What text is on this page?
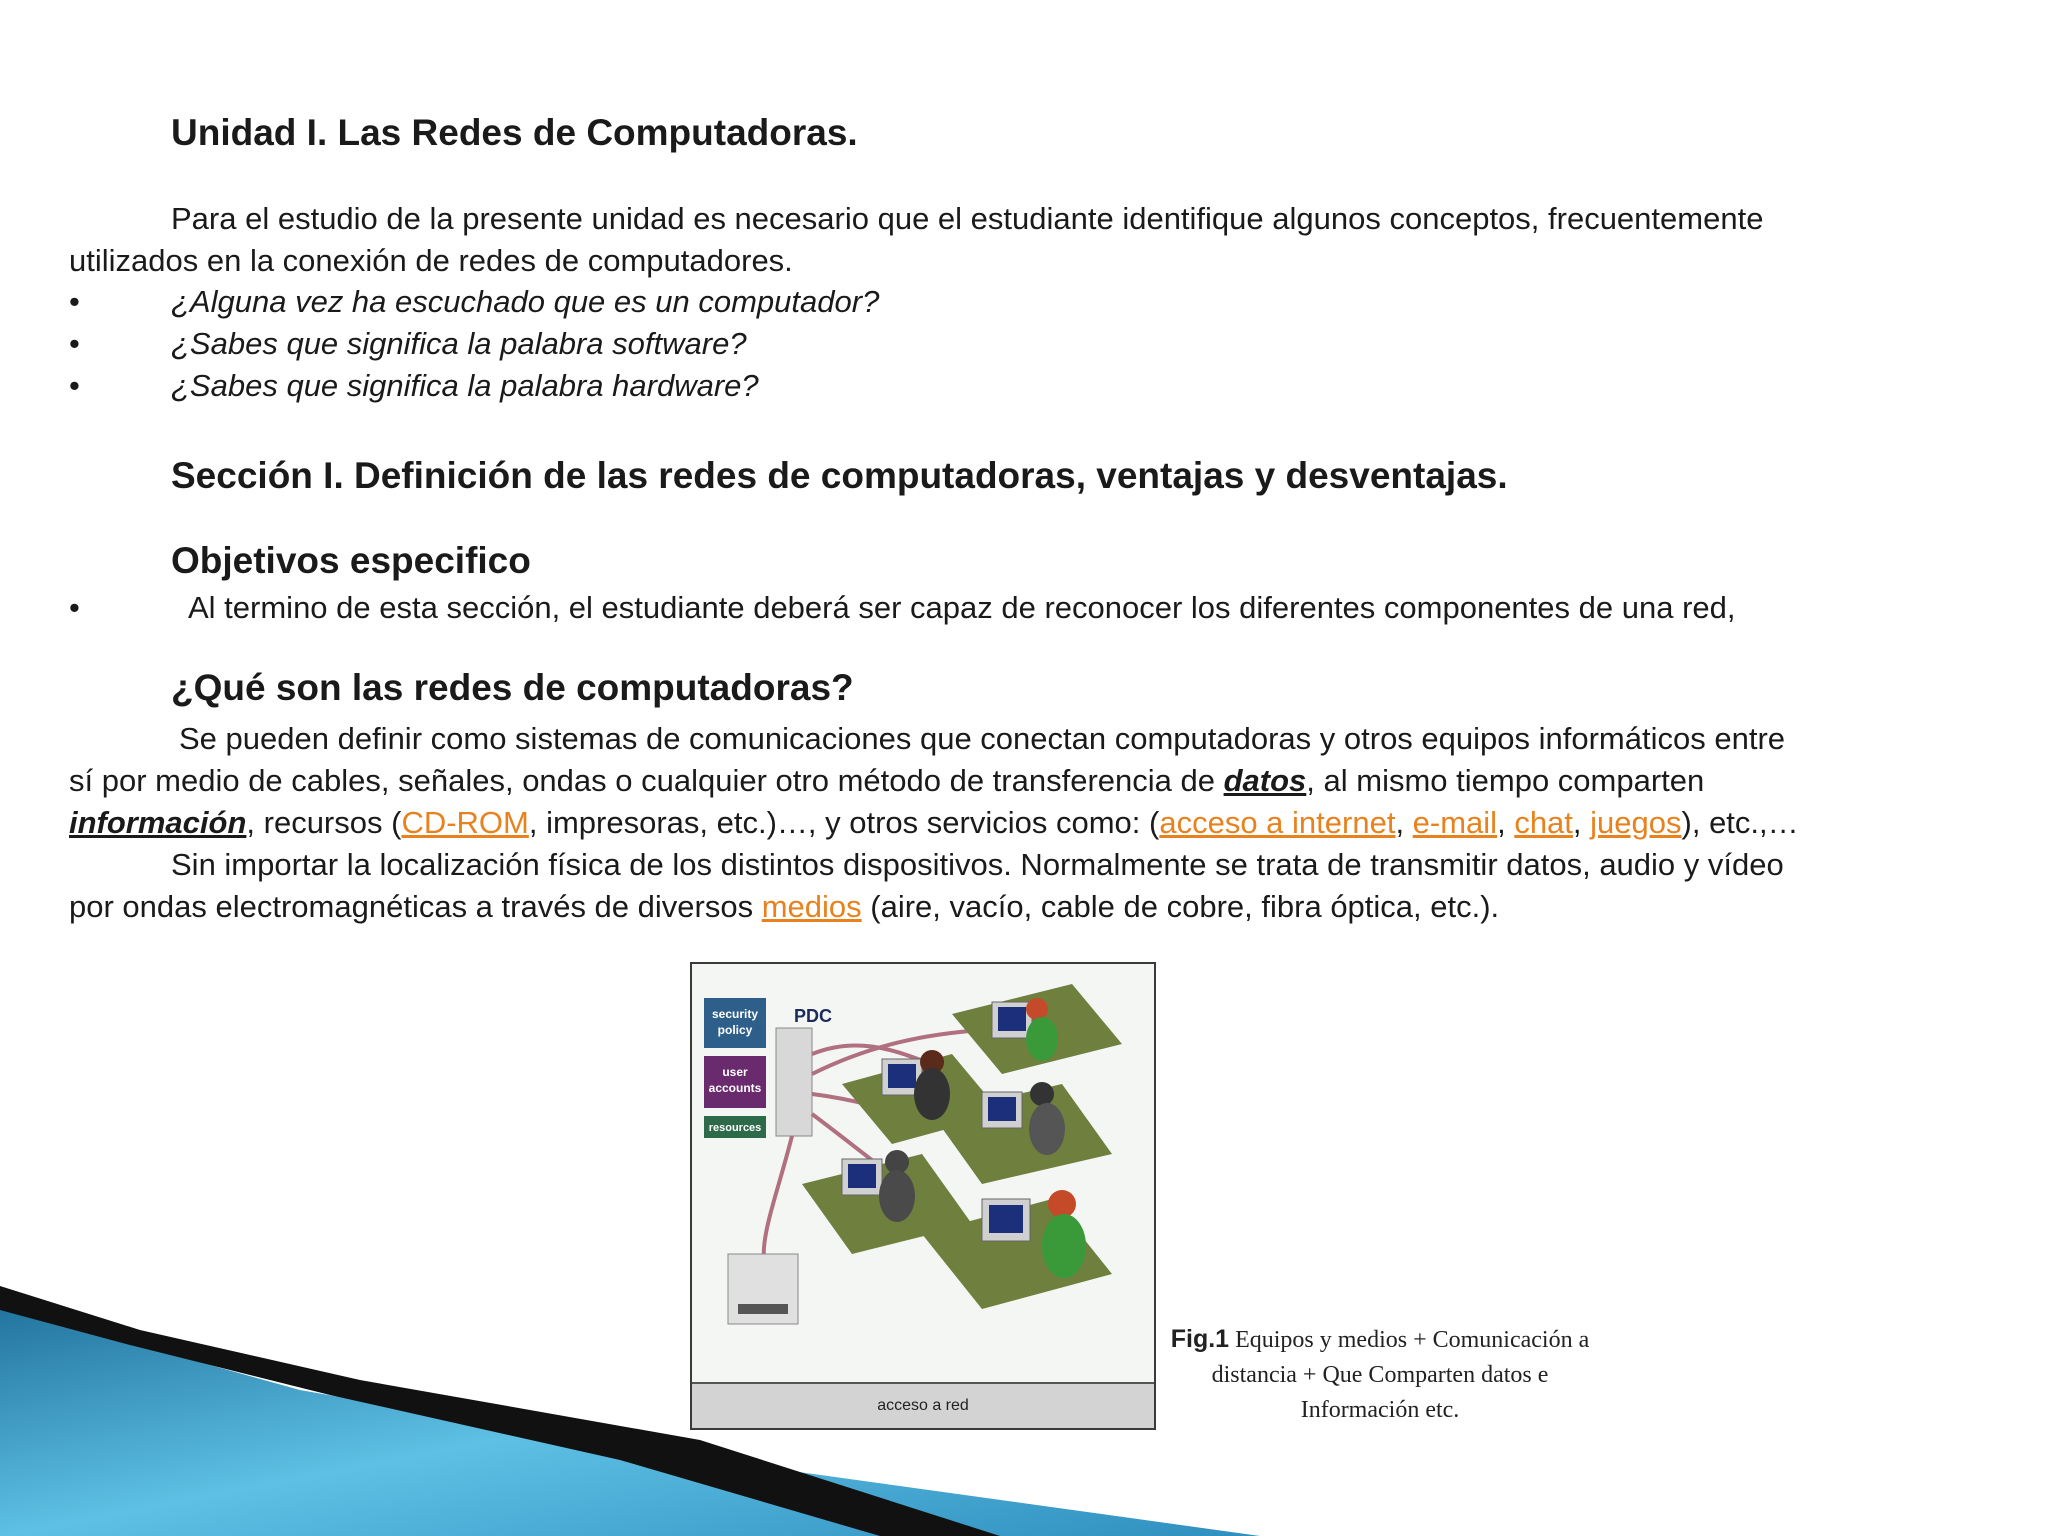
Unidad I. Las Redes de Computadoras.
Para el estudio de la presente unidad es necesario que el estudiante identifique algunos conceptos, frecuentemente
utilizados en la conexión de redes de computadores.
•	¿Alguna vez ha escuchado que es un computador?
•	¿Sabes que significa la palabra software?
•	¿Sabes que significa la palabra hardware?
Sección I. Definición de las redes de computadoras, ventajas y desventajas.
Objetivos especifico
•	Al termino de esta sección, el estudiante deberá ser capaz de reconocer los diferentes componentes de una red,
¿Qué son las redes de computadoras?
Se pueden definir como sistemas de comunicaciones que conectan computadoras y otros equipos informáticos entre
sí por medio de cables, señales, ondas o cualquier otro método de transferencia de datos, al mismo tiempo comparten
información, recursos (CD-ROM, impresoras, etc.)…, y otros servicios como: (acceso a internet, e-mail, chat, juegos), etc.,…
Sin importar la localización física de los distintos dispositivos. Normalmente se trata de transmitir datos, audio y vídeo
por ondas electromagnéticas a través de diversos medios (aire, vacío, cable de cobre, fibra óptica, etc.).
security
policy
user
accounts
resources
PDC
acceso a red
Fig.1 Equipos y medios + Comunicación a
distancia + Que Comparten datos e
Información etc.
